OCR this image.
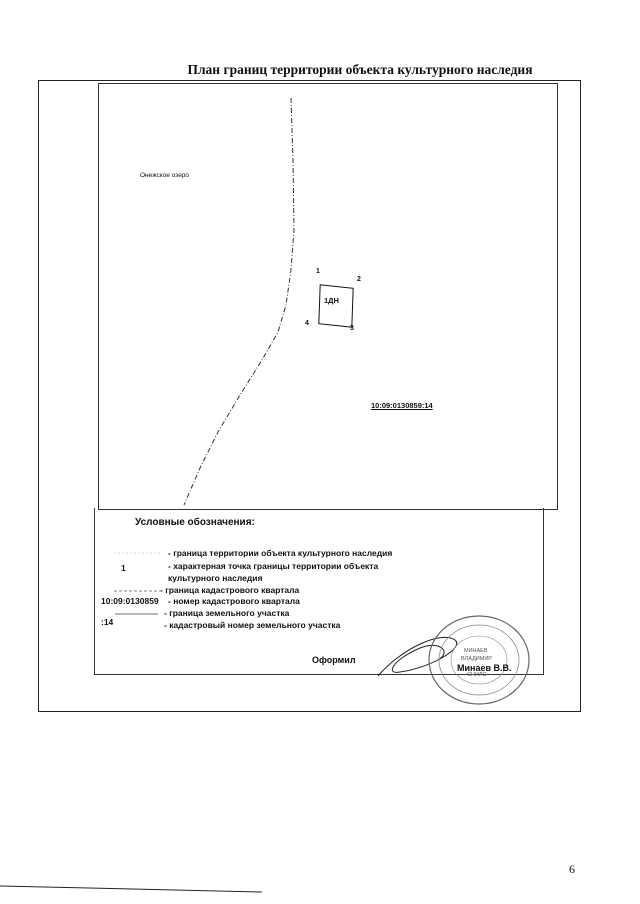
План границ территории объекта культурного наследия
Онежское озеро
1ДН
1
2
3
4
10:09:0130859:14
Условные обозначения:
1
10:09:0130859
:14
- граница территории объекта культурного наследия
- характерная точка границы территории объекта
культурного наследия
- граница кадастрового квартала
- номер кадастрового квартала
- граница земельного участка
- кадастровый номер земельного участка
Оформил
МИНАЕВ
ВЛАДИМИР
СНИЛС
Минаев В.В.
6
